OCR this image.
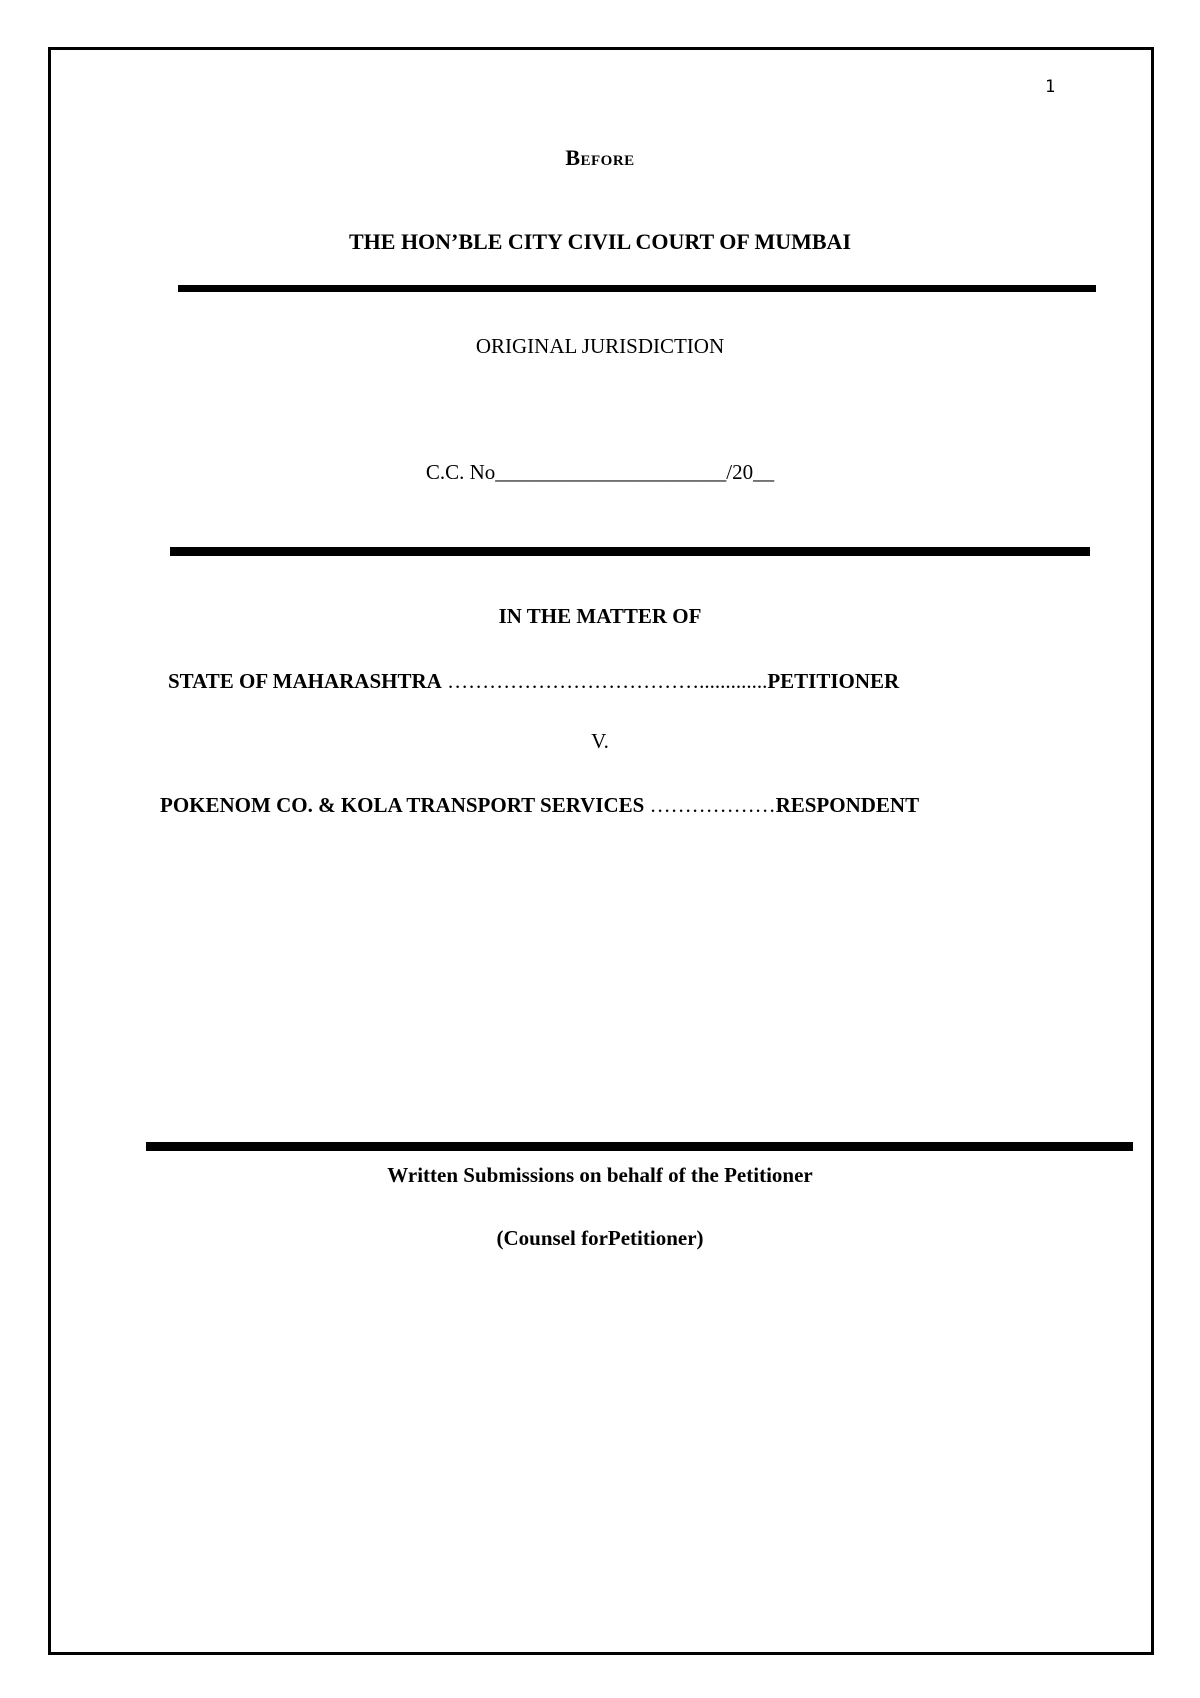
1
Before
THE HON’BLE CITY CIVIL COURT OF MUMBAI
ORIGINAL JURISDICTION
C.C. No______________________/20__
IN THE MATTER OF
STATE OF MAHARASHTRA ……………………………….............PETITIONER
V.
POKENOM CO. & KOLA TRANSPORT SERVICES ………………RESPONDENT
Written Submissions on behalf of the Petitioner
(Counsel forPetitioner)
